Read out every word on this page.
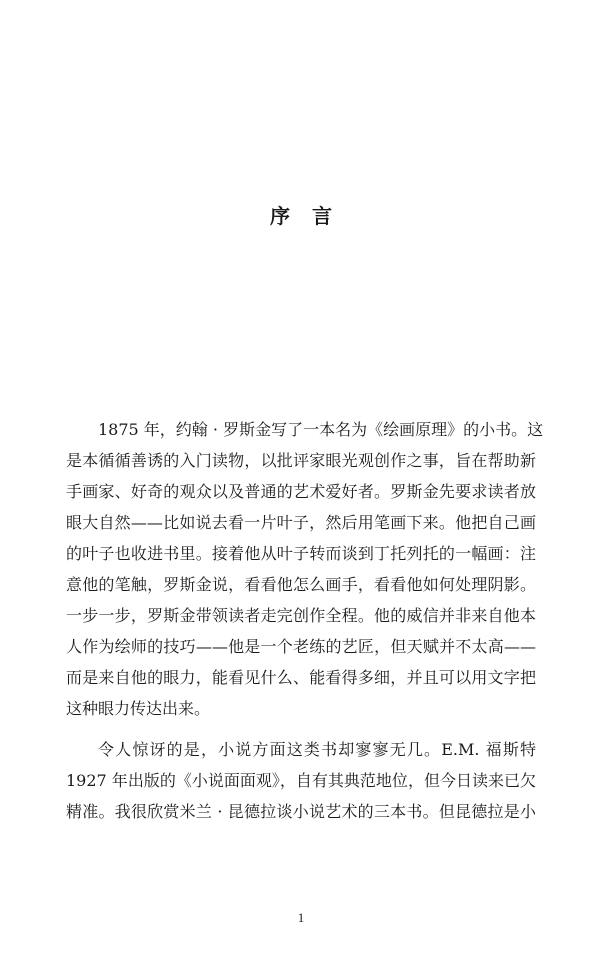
序言
1875 年，约翰 · 罗斯金写了一本名为《绘画原理》的小书。这
是本循循善诱的入门读物，以批评家眼光观创作之事，旨在帮助新
手画家、好奇的观众以及普通的艺术爱好者。罗斯金先要求读者放
眼大自然——比如说去看一片叶子，然后用笔画下来。他把自己画
的叶子也收进书里。接着他从叶子转而谈到丁托列托的一幅画：注
意他的笔触，罗斯金说，看看他怎么画手，看看他如何处理阴影。
一步一步，罗斯金带领读者走完创作全程。他的威信并非来自他本
人作为绘师的技巧——他是一个老练的艺匠，但天赋并不太高——
而是来自他的眼力，能看见什么、能看得多细，并且可以用文字把
这种眼力传达出来。
令人惊讶的是，小说方面这类书却寥寥无几。E.M. 福斯特
1927 年出版的《小说面面观》，自有其典范地位，但今日读来已欠
精准。我很欣赏米兰 · 昆德拉谈小说艺术的三本书。但昆德拉是小
1
